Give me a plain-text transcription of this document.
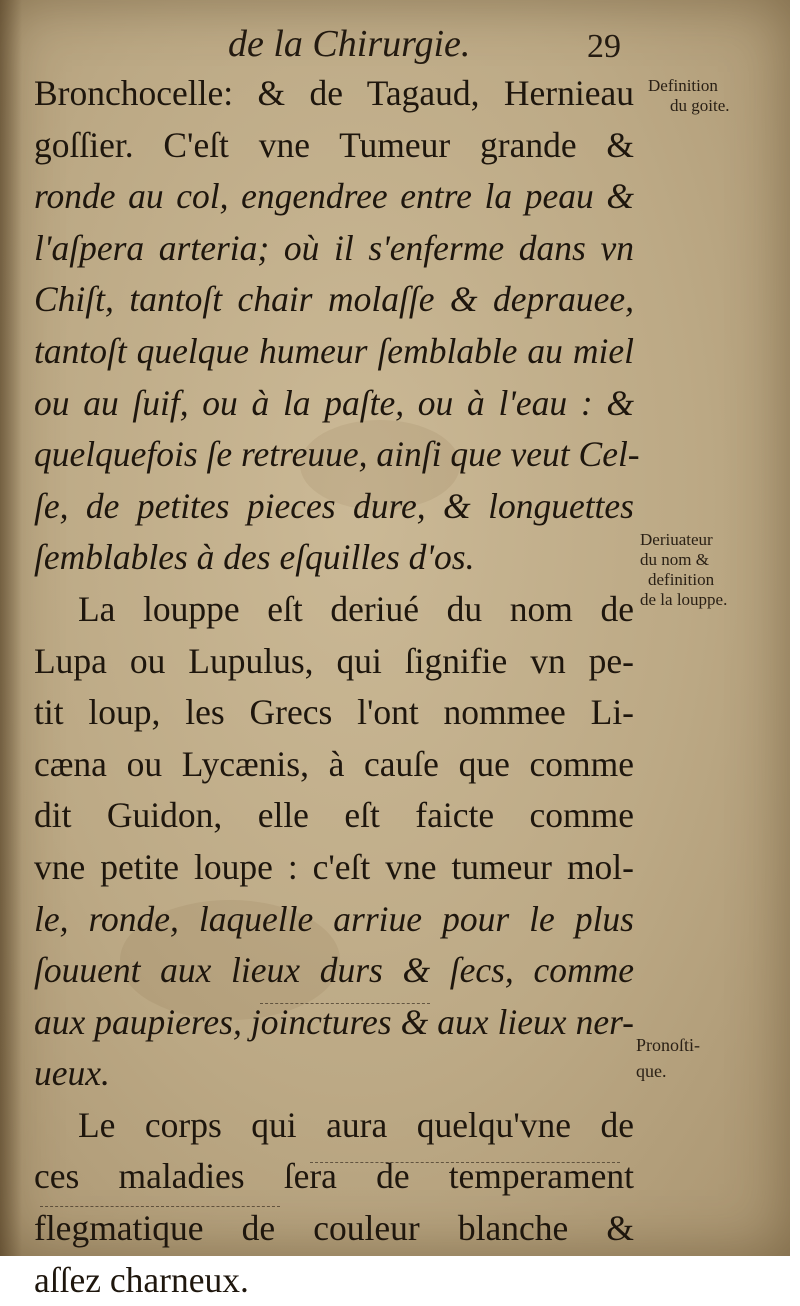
de la Chirurgie.	29
Bronchocelle: & de Tagaud, Hernieau
goſſier. C'eſt vne Tumeur grande &
ronde au col, engendree entre la peau &
l'aſpera arteria; où il s'enferme dans vn
Chiſt, tantoſt chair molaſſe & deprauee,
tantoſt quelque humeur ſemblable au miel
ou au ſuif, ou à la paſte, ou à l'eau : &
quelquefois ſe retreuue, ainſi que veut Cel-
ſe, de petites pieces dure, & longuettes
ſemblables à des eſquilles d'os.
La louppe eſt deriué du nom de
Lupa ou Lupulus, qui ſignifie vn pe-
tit loup, les Grecs l'ont nommee Li-
cæna ou Lycænis, à cauſe que comme
dit Guidon, elle eſt faicte comme
vne petite loupe : c'eſt vne tumeur mol-
le, ronde, laquelle arriue pour le plus
ſouuent aux lieux durs & ſecs, comme
aux paupieres, joinctures & aux lieux ner-
ueux.
Le corps qui aura quelqu'vne de
ces maladies ſera de temperament
flegmatique de couleur blanche &
aſſez charneux.
Definition
du goite.
Deriuateur
du nom &
definition
de la louppe.
Pronoſti-
que.
